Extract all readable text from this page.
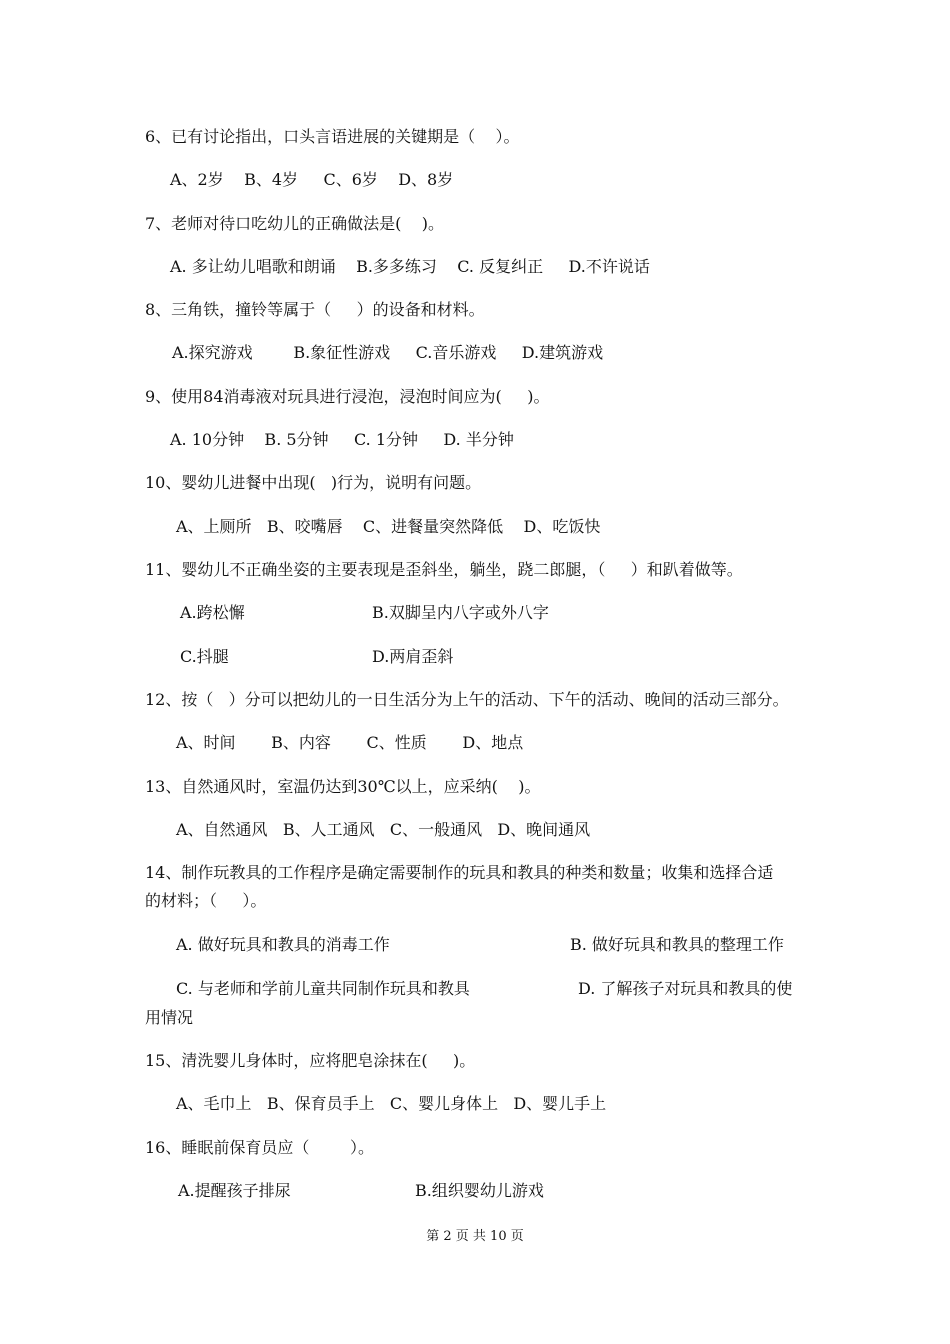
6、已有讨论指出，口头言语进展的关键期是（    ）。
A、2岁    B、4岁     C、6岁    D、8岁
7、老师对待口吃幼儿的正确做法是(    )。
A. 多让幼儿唱歌和朗诵    B.多多练习    C. 反复纠正     D.不许说话
8、三角铁，撞铃等属于（     ）的设备和材料。
A.探究游戏        B.象征性游戏     C.音乐游戏     D.建筑游戏
9、使用84消毒液对玩具进行浸泡，浸泡时间应为(     )。
A. 10分钟    B. 5分钟     C. 1分钟     D. 半分钟
10、婴幼儿进餐中出现(   )行为，说明有问题。
A、上厕所   B、咬嘴唇    C、进餐量突然降低    D、吃饭快
11、婴幼儿不正确坐姿的主要表现是歪斜坐，躺坐，跷二郎腿，（     ）和趴着做等。
A.跨松懈	B.双脚呈内八字或外八字
C.抖腿	D.两肩歪斜
12、按（   ）分可以把幼儿的一日生活分为上午的活动、下午的活动、晚间的活动三部分。
A、时间       B、内容       C、性质       D、地点
13、自然通风时，室温仍达到30℃以上，应采纳(    )。
A、自然通风   B、人工通风   C、一般通风   D、晚间通风
14、制作玩教具的工作程序是确定需要制作的玩具和教具的种类和数量；收集和选择合适
的材料；（     ）。
A. 做好玩具和教具的消毒工作	B. 做好玩具和教具的整理工作
C. 与老师和学前儿童共同制作玩具和教具	D. 了解孩子对玩具和教具的使
用情况
15、清洗婴儿身体时，应将肥皂涂抹在(     )。
A、毛巾上   B、保育员手上   C、婴儿身体上   D、婴儿手上
16、睡眠前保育员应（        ）。
A.提醒孩子排尿	B.组织婴幼儿游戏
第 2 页 共 10 页
